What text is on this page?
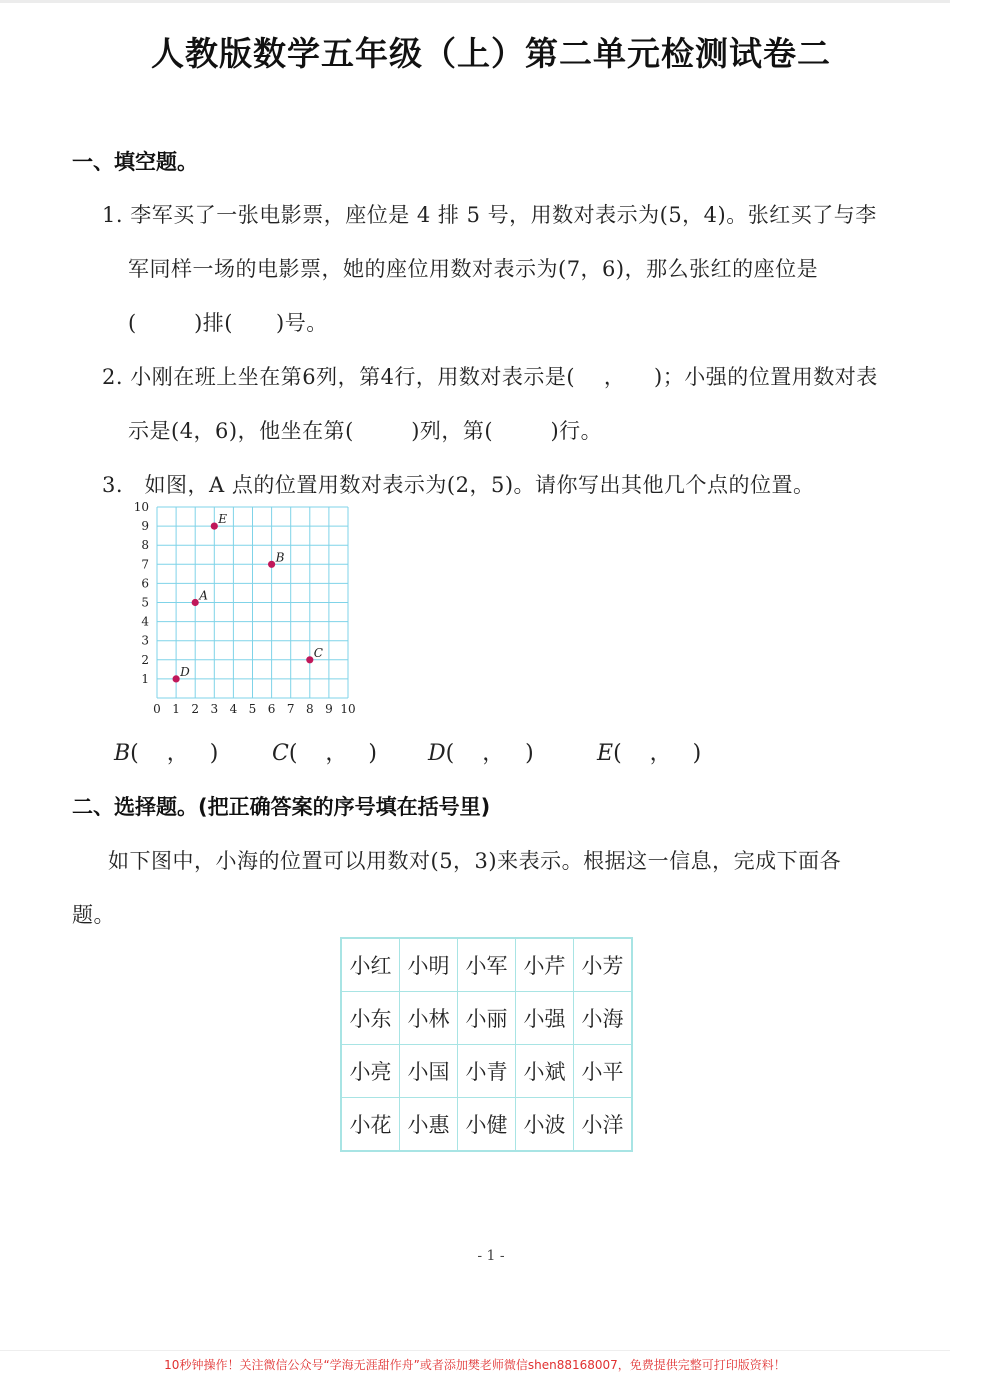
人教版数学五年级（上）第二单元检测试卷二
一、填空题。
1. 李军买了一张电影票，座位是 4 排 5 号，用数对表示为(5，4)。张红买了与李
军同样一场的电影票，她的座位用数对表示为(7，6)，那么张红的座位是
(        )排(      )号。
2. 小刚在班上坐在第6列，第4行，用数对表示是(    ，    )；小强的位置用数对表
示是(4，6)，他坐在第(        )列，第(        )行。
3.   如图，A 点的位置用数对表示为(2，5)。请你写出其他几个点的位置。
0 1 2 3 4 5 6 7 8 9 10
1
2
3
4
5
6
7
8
9
10
E
B
A
C
D
B(    ，   ) C(    ，   ) D(    ，   )	E(    ，   )
二、选择题。(把正确答案的序号填在括号里)
如下图中，小海的位置可以用数对(5，3)来表示。根据这一信息，完成下面各
题。
小红	小明	小军	小芹	小芳
小东	小林	小丽	小强	小海
小亮	小国	小青	小斌	小平
小花	小惠	小健	小波	小洋
- 1 -
10秒钟操作！关注微信公众号“学海无涯甜作舟”或者添加樊老师微信shen88168007，免费提供完整可打印版资料！
